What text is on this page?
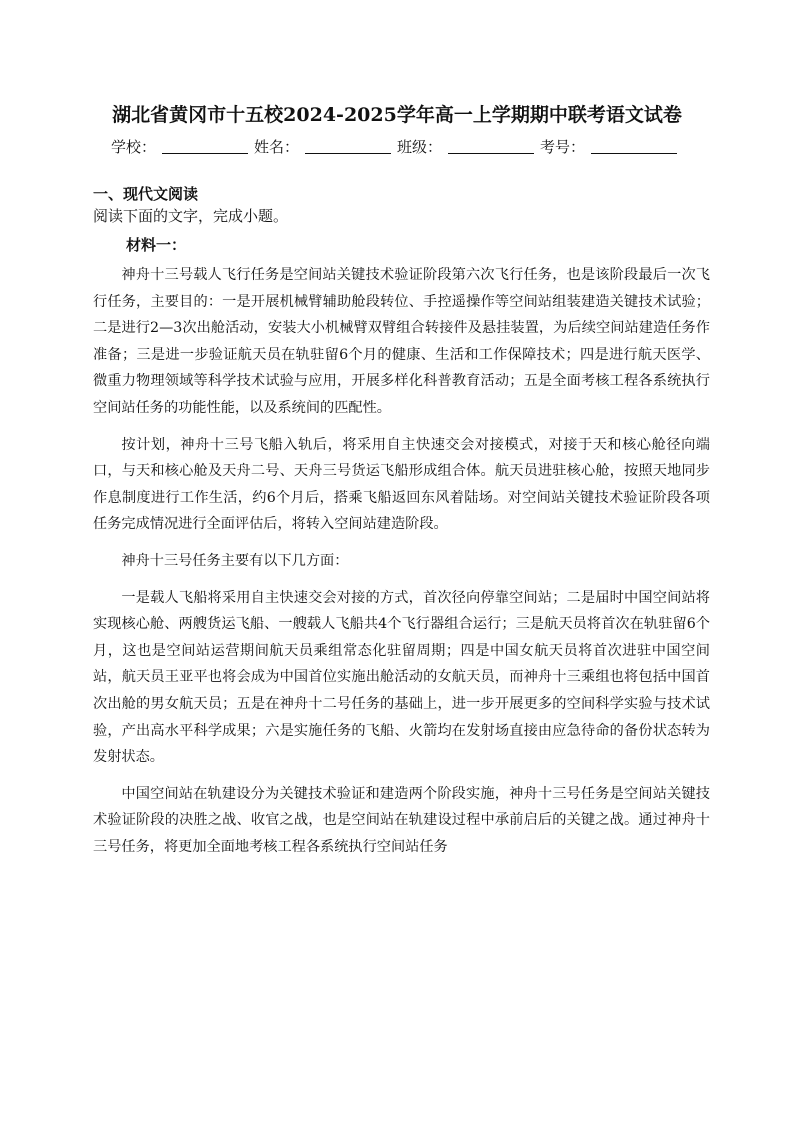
湖北省黄冈市十五校2024-2025学年高一上学期期中联考语文试卷
学校：	姓名：	班级：	考号：
一、现代文阅读
阅读下面的文字，完成小题。
材料一：

神舟十三号载人飞行任务是空间站关键技术验证阶段第六次飞行任务，也是该阶段最后一次飞行任务，主要目的：一是开展机械臂辅助舱段转位、手控遥操作等空间站组装建造关键技术试验；二是进行2—3次出舱活动，安装大小机械臂双臂组合转接件及悬挂装置，为后续空间站建造任务作准备；三是进一步验证航天员在轨驻留6个月的健康、生活和工作保障技术；四是进行航天医学、微重力物理领域等科学技术试验与应用，开展多样化科普教育活动；五是全面考核工程各系统执行空间站任务的功能性能，以及系统间的匹配性。

按计划，神舟十三号飞船入轨后，将采用自主快速交会对接模式，对接于天和核心舱径向端口，与天和核心舱及天舟二号、天舟三号货运飞船形成组合体。航天员进驻核心舱，按照天地同步作息制度进行工作生活，约6个月后，搭乘飞船返回东风着陆场。对空间站关键技术验证阶段各项任务完成情况进行全面评估后，将转入空间站建造阶段。

神舟十三号任务主要有以下几方面：

一是载人飞船将采用自主快速交会对接的方式，首次径向停靠空间站；二是届时中国空间站将实现核心舱、两艘货运飞船、一艘载人飞船共4个飞行器组合运行；三是航天员将首次在轨驻留6个月，这也是空间站运营期间航天员乘组常态化驻留周期；四是中国女航天员将首次进驻中国空间站，航天员王亚平也将会成为中国首位实施出舱活动的女航天员，而神舟十三乘组也将包括中国首次出舱的男女航天员；五是在神舟十二号任务的基础上，进一步开展更多的空间科学实验与技术试验，产出高水平科学成果；六是实施任务的飞船、火箭均在发射场直接由应急待命的备份状态转为发射状态。

中国空间站在轨建设分为关键技术验证和建造两个阶段实施，神舟十三号任务是空间站关键技术验证阶段的决胜之战、收官之战，也是空间站在轨建设过程中承前启后的关键之战。通过神舟十三号任务，将更加全面地考核工程各系统执行空间站任务
